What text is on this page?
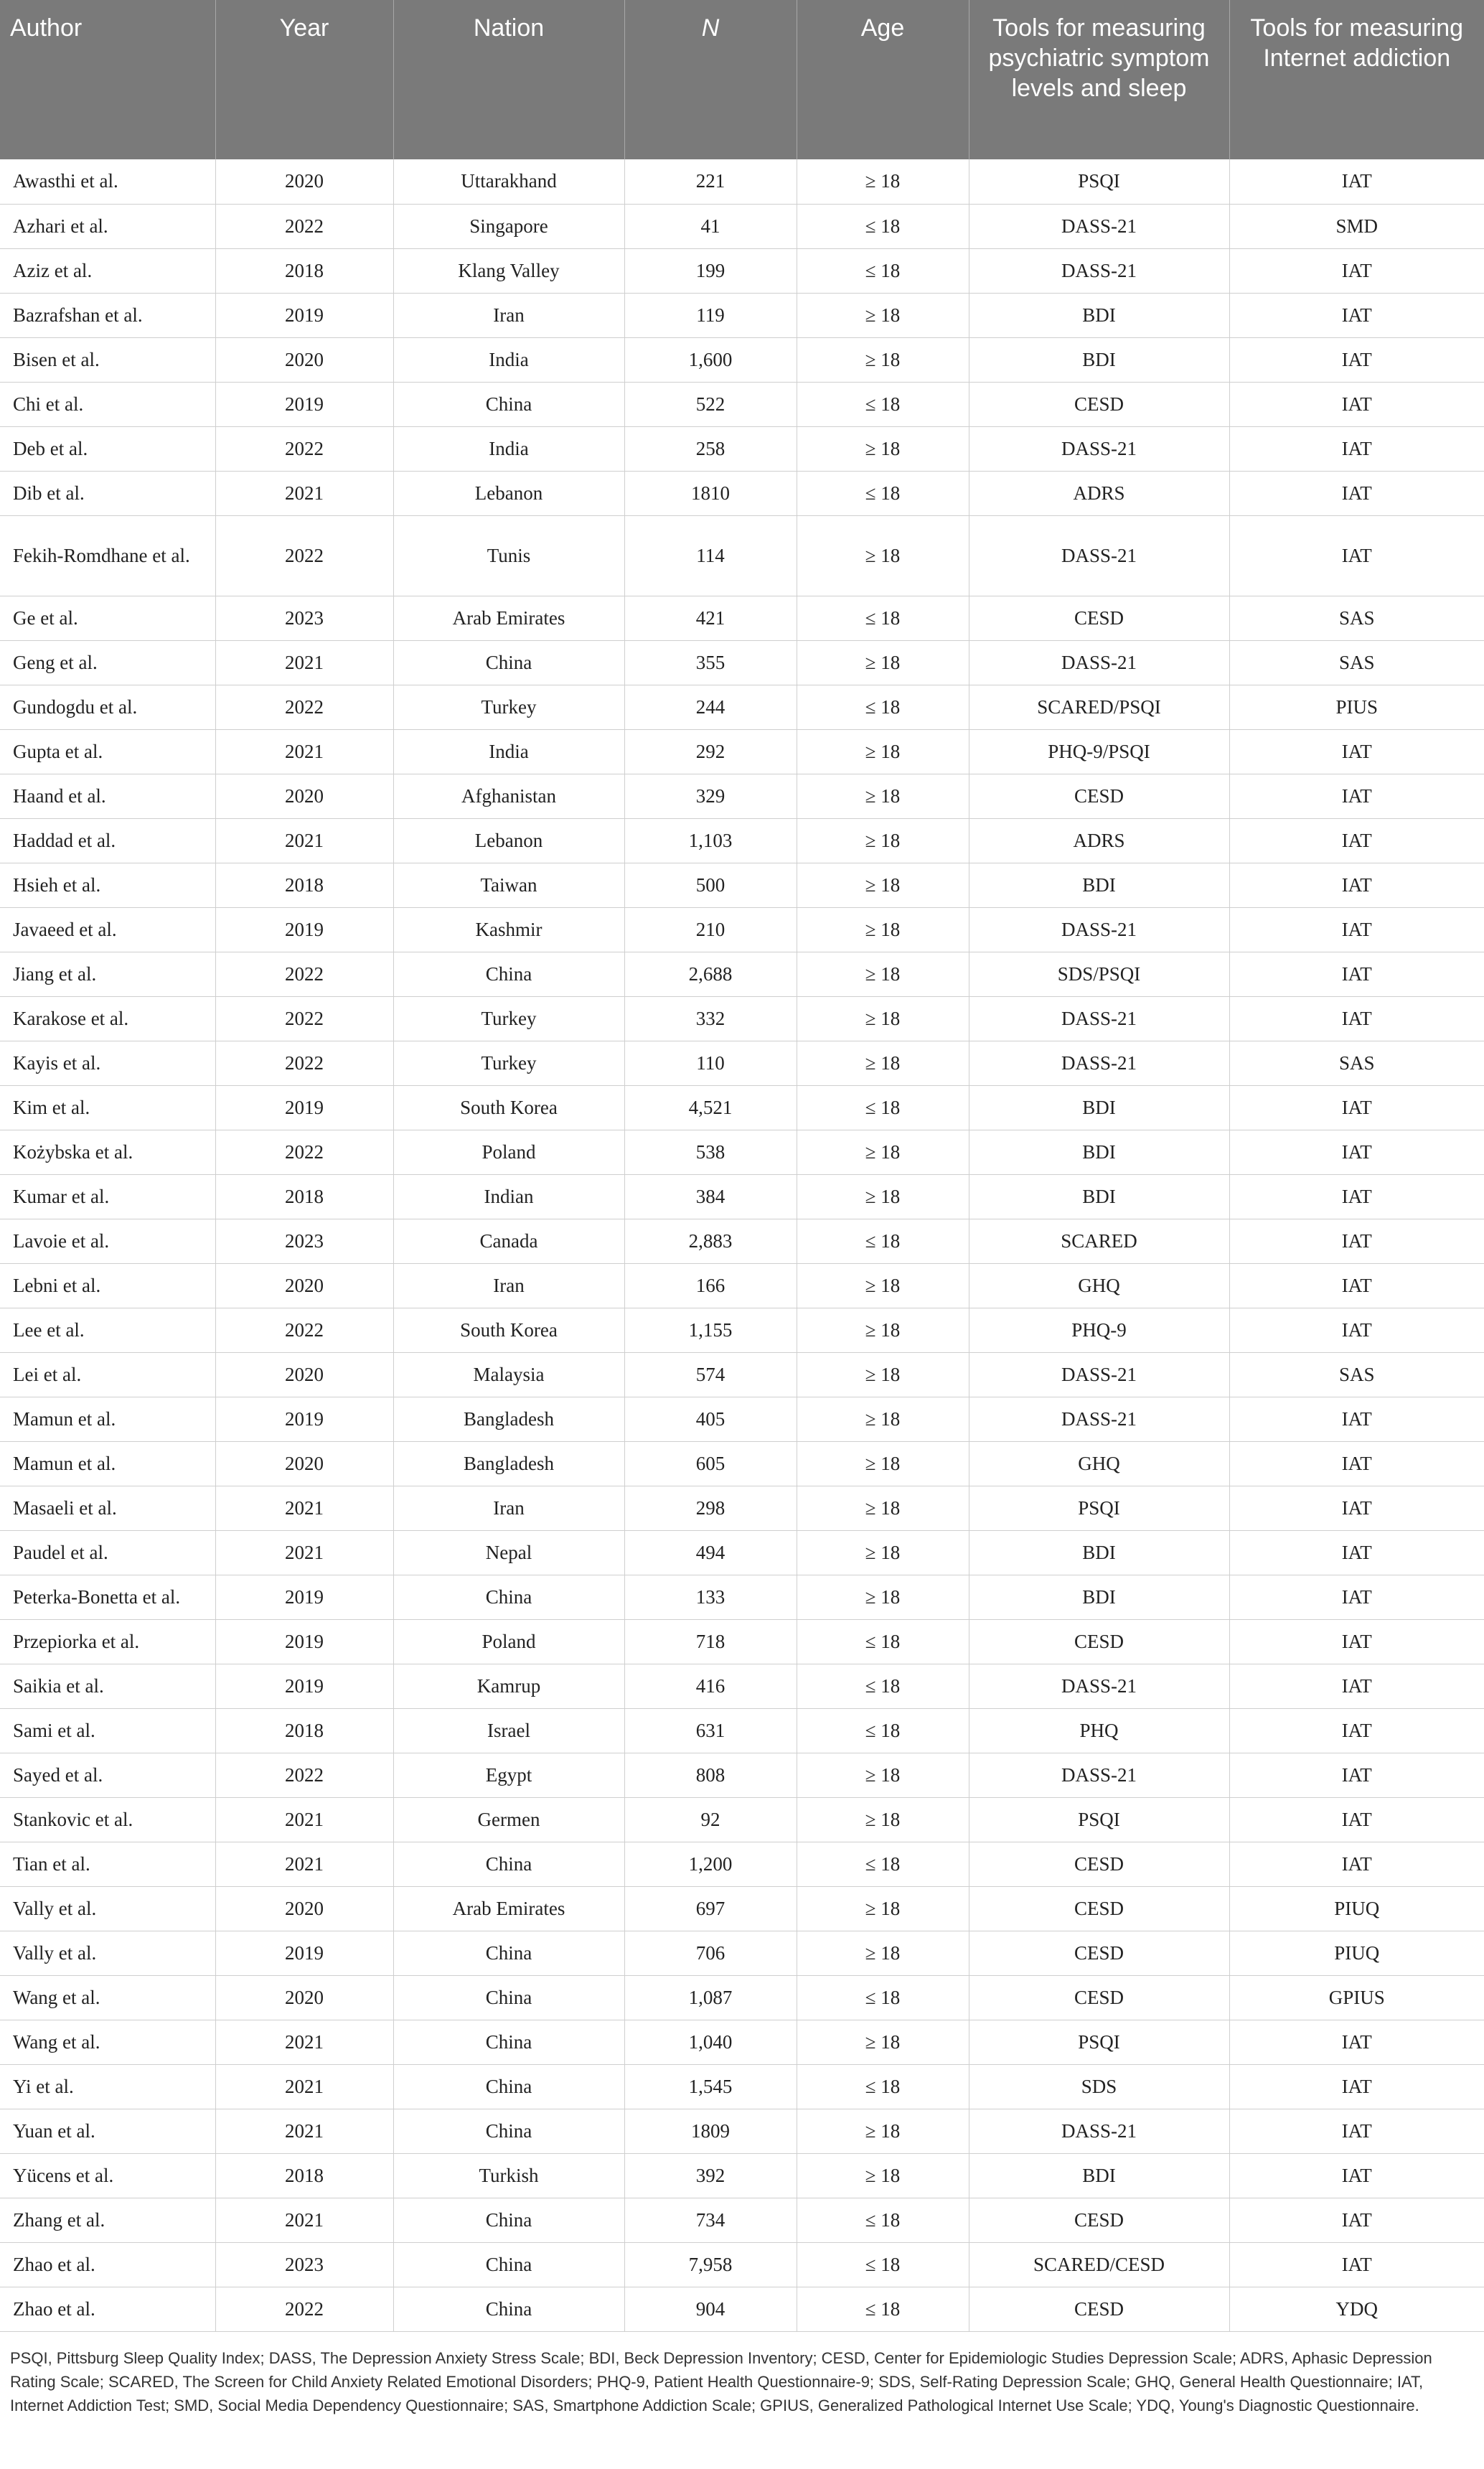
Author	Year	Nation	N	Age	Tools for measuring psychiatric symptom levels and sleep	Tools for measuring Internet addiction
Awasthi et al.	2020	Uttarakhand	221	≥ 18	PSQI	IAT
Azhari et al.	2022	Singapore	41	≤ 18	DASS-21	SMD
Aziz et al.	2018	Klang Valley	199	≤ 18	DASS-21	IAT
Bazrafshan et al.	2019	Iran	119	≥ 18	BDI	IAT
Bisen et al.	2020	India	1,600	≥ 18	BDI	IAT
Chi et al.	2019	China	522	≤ 18	CESD	IAT
Deb et al.	2022	India	258	≥ 18	DASS-21	IAT
Dib et al.	2021	Lebanon	1810	≤ 18	ADRS	IAT
Fekih-Romdhane et al.	2022	Tunis	114	≥ 18	DASS-21	IAT
Ge et al.	2023	Arab Emirates	421	≤ 18	CESD	SAS
Geng et al.	2021	China	355	≥ 18	DASS-21	SAS
Gundogdu et al.	2022	Turkey	244	≤ 18	SCARED/PSQI	PIUS
Gupta et al.	2021	India	292	≥ 18	PHQ-9/PSQI	IAT
Haand et al.	2020	Afghanistan	329	≥ 18	CESD	IAT
Haddad et al.	2021	Lebanon	1,103	≥ 18	ADRS	IAT
Hsieh et al.	2018	Taiwan	500	≥ 18	BDI	IAT
Javaeed et al.	2019	Kashmir	210	≥ 18	DASS-21	IAT
Jiang et al.	2022	China	2,688	≥ 18	SDS/PSQI	IAT
Karakose et al.	2022	Turkey	332	≥ 18	DASS-21	IAT
Kayis et al.	2022	Turkey	110	≥ 18	DASS-21	SAS
Kim et al.	2019	South Korea	4,521	≤ 18	BDI	IAT
Kożybska et al.	2022	Poland	538	≥ 18	BDI	IAT
Kumar et al.	2018	Indian	384	≥ 18	BDI	IAT
Lavoie et al.	2023	Canada	2,883	≤ 18	SCARED	IAT
Lebni et al.	2020	Iran	166	≥ 18	GHQ	IAT
Lee et al.	2022	South Korea	1,155	≥ 18	PHQ-9	IAT
Lei et al.	2020	Malaysia	574	≥ 18	DASS-21	SAS
Mamun et al.	2019	Bangladesh	405	≥ 18	DASS-21	IAT
Mamun et al.	2020	Bangladesh	605	≥ 18	GHQ	IAT
Masaeli et al.	2021	Iran	298	≥ 18	PSQI	IAT
Paudel et al.	2021	Nepal	494	≥ 18	BDI	IAT
Peterka-Bonetta et al.	2019	China	133	≥ 18	BDI	IAT
Przepiorka et al.	2019	Poland	718	≤ 18	CESD	IAT
Saikia et al.	2019	Kamrup	416	≤ 18	DASS-21	IAT
Sami et al.	2018	Israel	631	≤ 18	PHQ	IAT
Sayed et al.	2022	Egypt	808	≥ 18	DASS-21	IAT
Stankovic et al.	2021	Germen	92	≥ 18	PSQI	IAT
Tian et al.	2021	China	1,200	≤ 18	CESD	IAT
Vally et al.	2020	Arab Emirates	697	≥ 18	CESD	PIUQ
Vally et al.	2019	China	706	≥ 18	CESD	PIUQ
Wang et al.	2020	China	1,087	≤ 18	CESD	GPIUS
Wang et al.	2021	China	1,040	≥ 18	PSQI	IAT
Yi et al.	2021	China	1,545	≤ 18	SDS	IAT
Yuan et al.	2021	China	1809	≥ 18	DASS-21	IAT
Yücens et al.	2018	Turkish	392	≥ 18	BDI	IAT
Zhang et al.	2021	China	734	≤ 18	CESD	IAT
Zhao et al.	2023	China	7,958	≤ 18	SCARED/CESD	IAT
Zhao et al.	2022	China	904	≤ 18	CESD	YDQ
PSQI, Pittsburg Sleep Quality Index; DASS, The Depression Anxiety Stress Scale; BDI, Beck Depression Inventory; CESD, Center for Epidemiologic Studies Depression Scale; ADRS, Aphasic Depression Rating Scale; SCARED, The Screen for Child Anxiety Related Emotional Disorders; PHQ-9, Patient Health Questionnaire-9; SDS, Self-Rating Depression Scale; GHQ, General Health Questionnaire; IAT, Internet Addiction Test; SMD, Social Media Dependency Questionnaire; SAS, Smartphone Addiction Scale; GPIUS, Generalized Pathological Internet Use Scale; YDQ, Young's Diagnostic Questionnaire.
